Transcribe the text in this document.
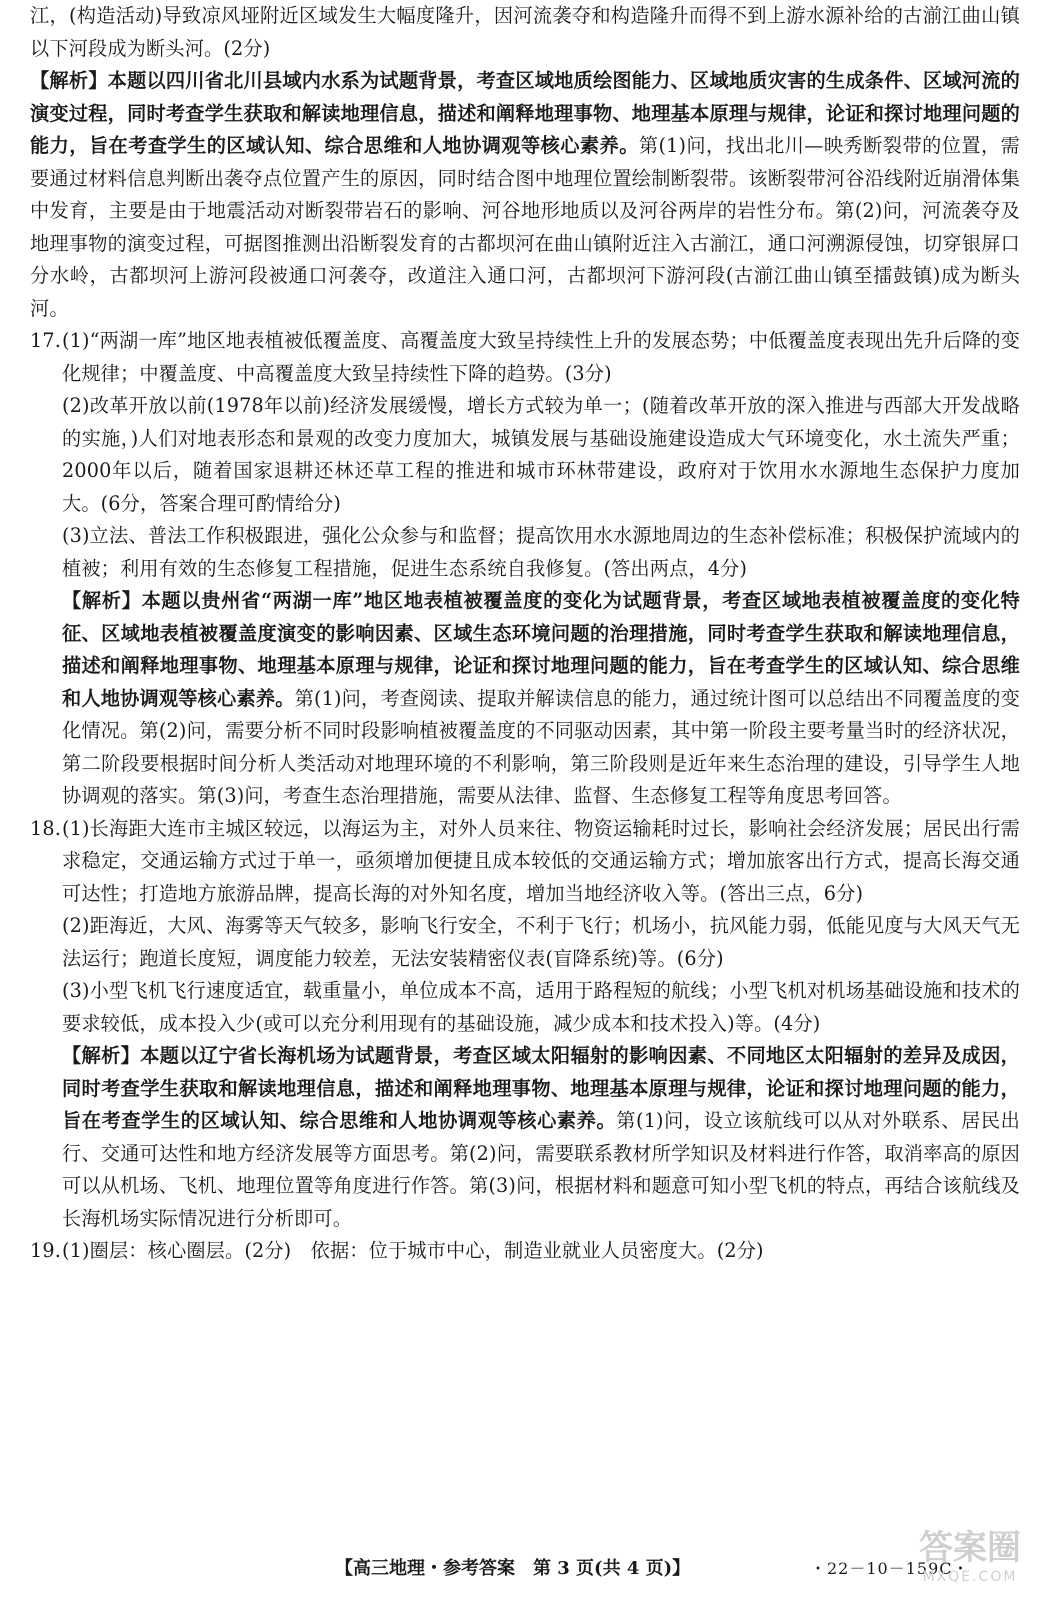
江，(构造活动)导致凉风垭附近区域发生大幅度隆升，因河流袭夺和构造隆升而得不到上游水源补给的古湔江曲山镇以下河段成为断头河。(2分)

【解析】本题以四川省北川县域内水系为试题背景，考查区域地质绘图能力、区域地质灾害的生成条件、区域河流的演变过程，同时考查学生获取和解读地理信息，描述和阐释地理事物、地理基本原理与规律，论证和探讨地理问题的能力，旨在考查学生的区域认知、综合思维和人地协调观等核心素养。第(1)问，找出北川—映秀断裂带的位置，需要通过材料信息判断出袭夺点位置产生的原因，同时结合图中地理位置绘制断裂带。该断裂带河谷沿线附近崩滑体集中发育，主要是由于地震活动对断裂带岩石的影响、河谷地形地质以及河谷两岸的岩性分布。第(2)问，河流袭夺及地理事物的演变过程，可据图推测出沿断裂发育的古都坝河在曲山镇附近注入古湔江，通口河溯源侵蚀，切穿银屏口分水岭，古都坝河上游河段被通口河袭夺，改道注入通口河，古都坝河下游河段(古湔江曲山镇至擂鼓镇)成为断头河。

17.(1)“两湖一库”地区地表植被低覆盖度、高覆盖度大致呈持续性上升的发展态势；中低覆盖度表现出先升后降的变化规律；中覆盖度、中高覆盖度大致呈持续性下降的趋势。(3分)

(2)改革开放以前(1978年以前)经济发展缓慢，增长方式较为单一；(随着改革开放的深入推进与西部大开发战略的实施，)人们对地表形态和景观的改变力度加大，城镇发展与基础设施建设造成大气环境变化，水土流失严重；2000年以后，随着国家退耕还林还草工程的推进和城市环林带建设，政府对于饮用水水源地生态保护力度加大。(6分，答案合理可酌情给分)

(3)立法、普法工作积极跟进，强化公众参与和监督；提高饮用水水源地周边的生态补偿标准；积极保护流域内的植被；利用有效的生态修复工程措施，促进生态系统自我修复。(答出两点，4分)

【解析】本题以贵州省“两湖一库”地区地表植被覆盖度的变化为试题背景，考查区域地表植被覆盖度的变化特征、区域地表植被覆盖度演变的影响因素、区域生态环境问题的治理措施，同时考查学生获取和解读地理信息，描述和阐释地理事物、地理基本原理与规律，论证和探讨地理问题的能力，旨在考查学生的区域认知、综合思维和人地协调观等核心素养。第(1)问，考查阅读、提取并解读信息的能力，通过统计图可以总结出不同覆盖度的变化情况。第(2)问，需要分析不同时段影响植被覆盖度的不同驱动因素，其中第一阶段主要考量当时的经济状况，第二阶段要根据时间分析人类活动对地理环境的不利影响，第三阶段则是近年来生态治理的建设，引导学生人地协调观的落实。第(3)问，考查生态治理措施，需要从法律、监督、生态修复工程等角度思考回答。

18.(1)长海距大连市主城区较远，以海运为主，对外人员来往、物资运输耗时过长，影响社会经济发展；居民出行需求稳定，交通运输方式过于单一，亟须增加便捷且成本较低的交通运输方式；增加旅客出行方式，提高长海交通可达性；打造地方旅游品牌，提高长海的对外知名度，增加当地经济收入等。(答出三点，6分)

(2)距海近，大风、海雾等天气较多，影响飞行安全，不利于飞行；机场小，抗风能力弱，低能见度与大风天气无法运行；跑道长度短，调度能力较差，无法安装精密仪表(盲降系统)等。(6分)

(3)小型飞机飞行速度适宜，载重量小，单位成本不高，适用于路程短的航线；小型飞机对机场基础设施和技术的要求较低，成本投入少(或可以充分利用现有的基础设施，减少成本和技术投入)等。(4分)

【解析】本题以辽宁省长海机场为试题背景，考查区域太阳辐射的影响因素、不同地区太阳辐射的差异及成因，同时考查学生获取和解读地理信息，描述和阐释地理事物、地理基本原理与规律，论证和探讨地理问题的能力，旨在考查学生的区域认知、综合思维和人地协调观等核心素养。第(1)问，设立该航线可以从对外联系、居民出行、交通可达性和地方经济发展等方面思考。第(2)问，需要联系教材所学知识及材料进行作答，取消率高的原因可以从机场、飞机、地理位置等角度进行作答。第(3)问，根据材料和题意可知小型飞机的特点，再结合该航线及长海机场实际情况进行分析即可。

19.(1)圈层：核心圈层。(2分)　依据：位于城市中心，制造业就业人员密度大。(2分)

【高三地理・参考答案　第 3 页(共 4 页)】	・22－10－159C・
答案圈
MXQE.COM
